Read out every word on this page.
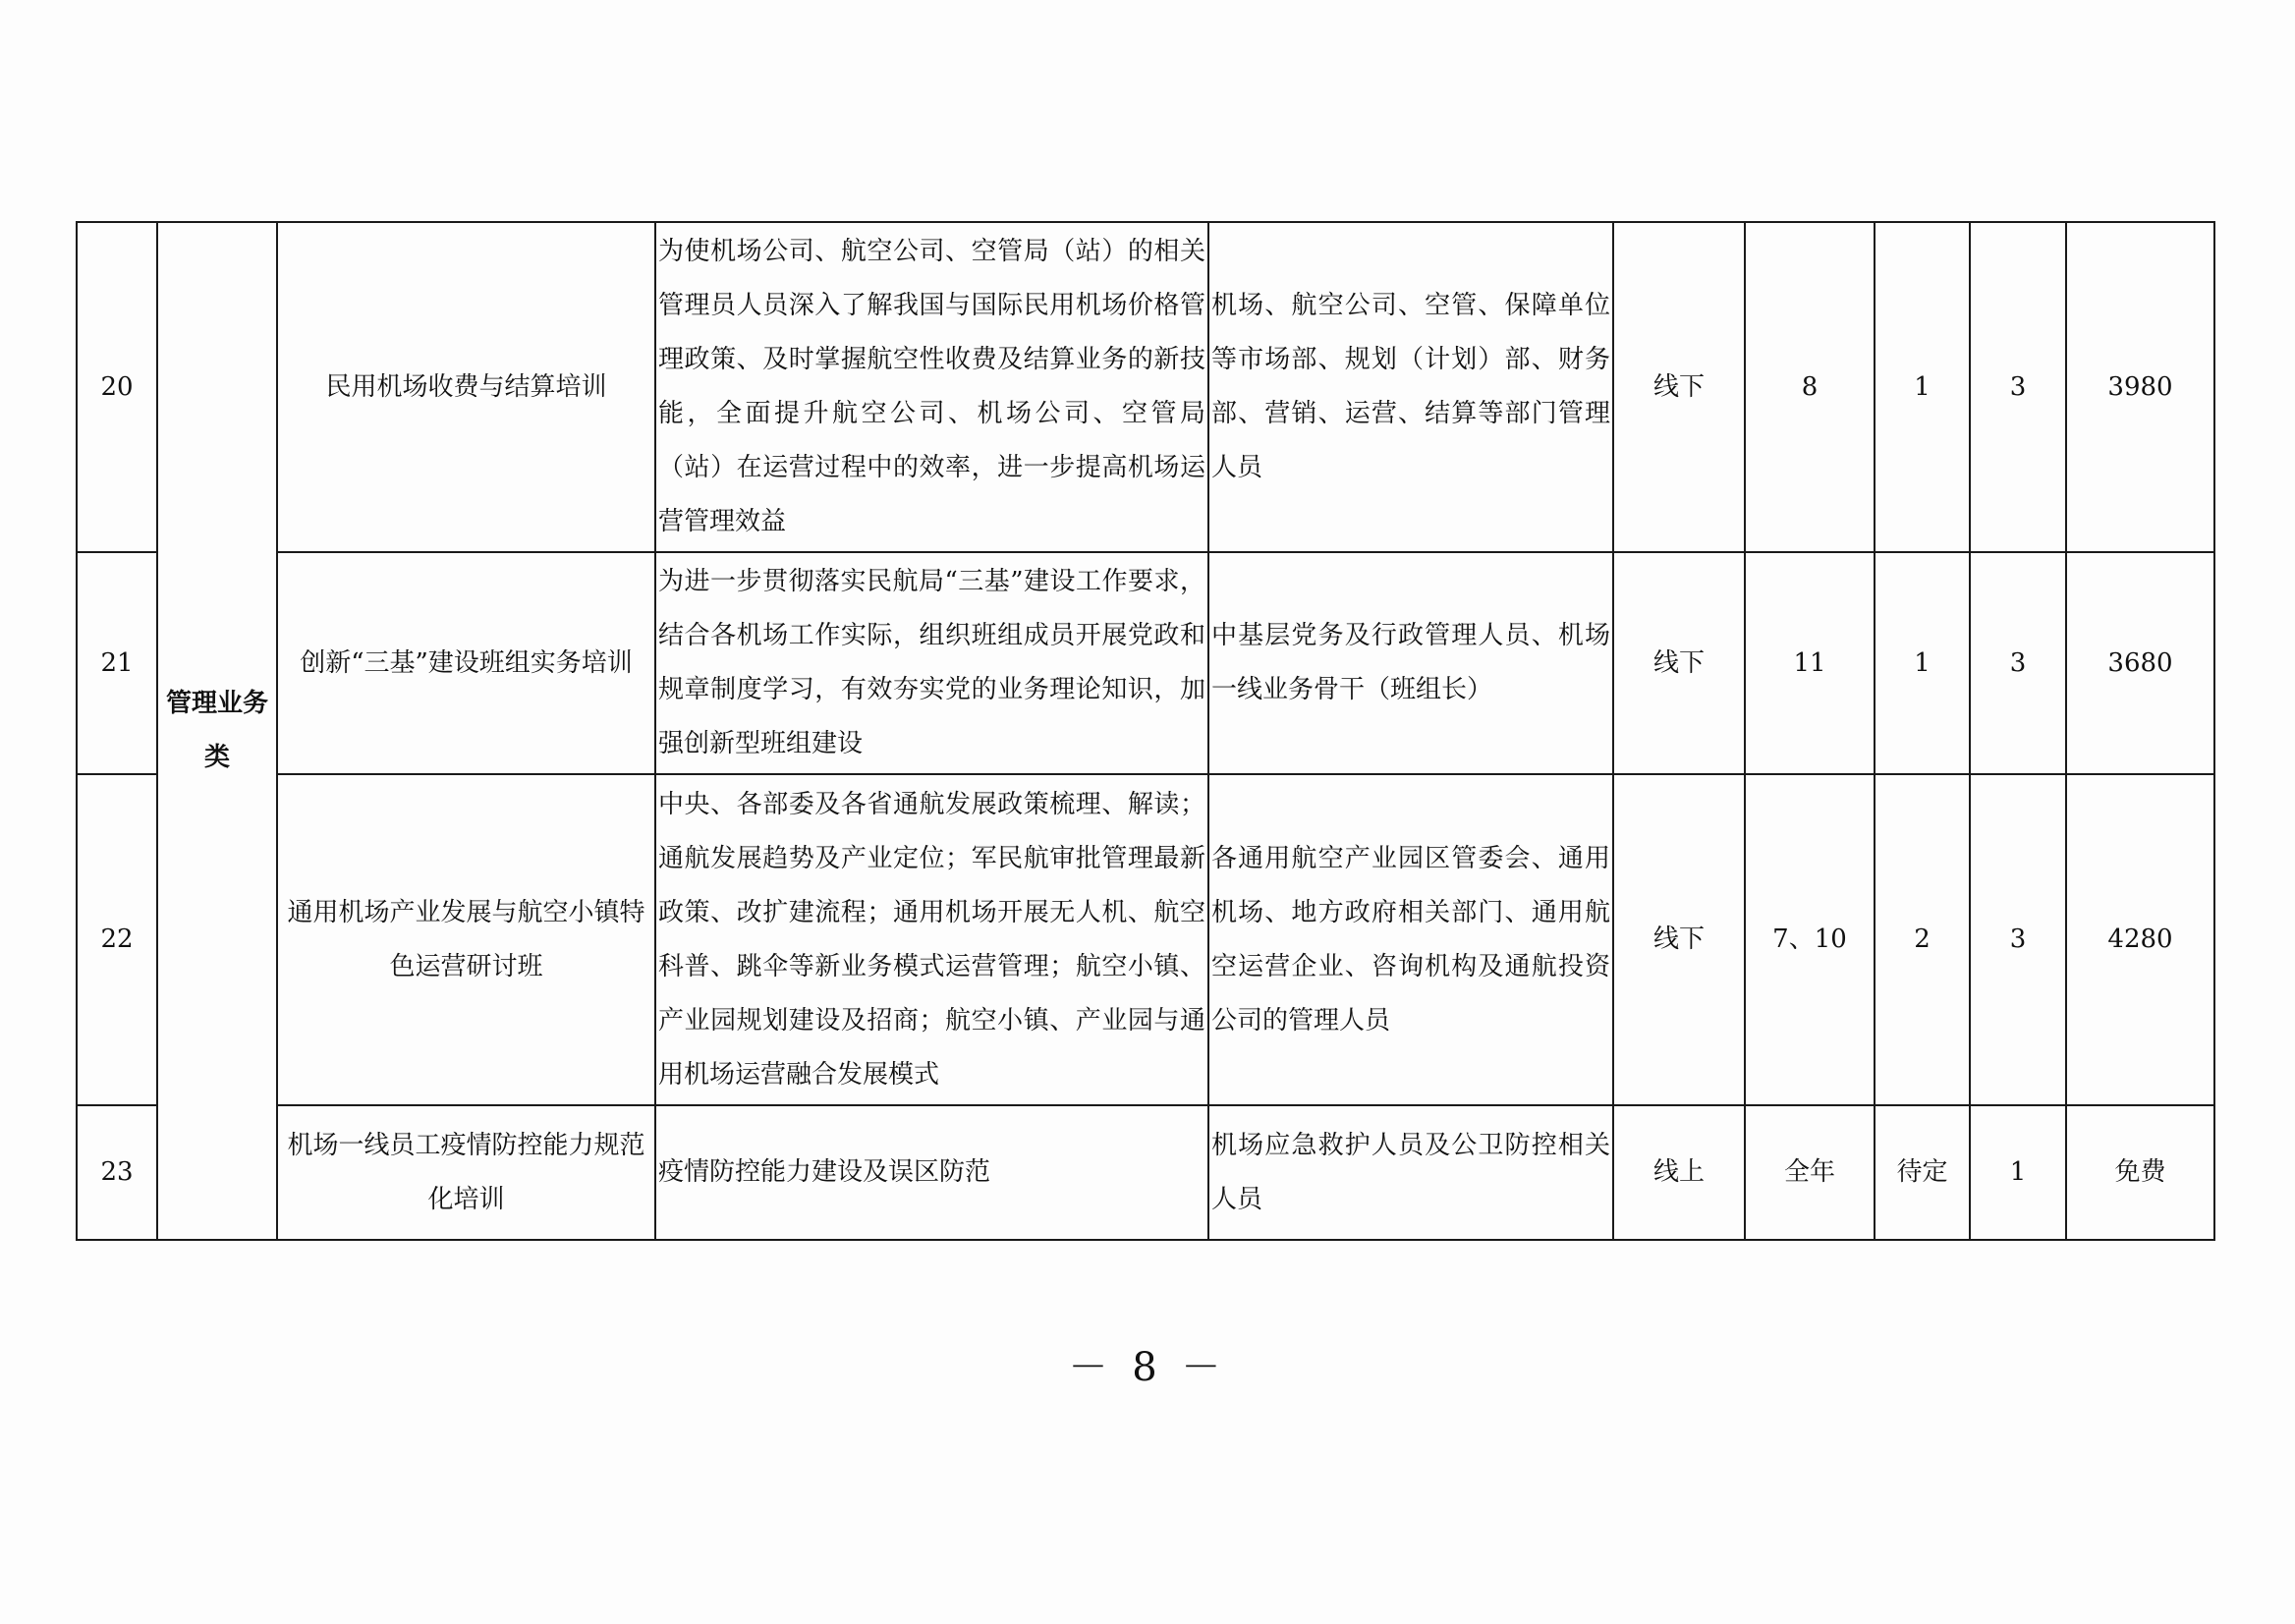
20	管理业务类	民用机场收费与结算培训	为使机场公司、航空公司、空管局（站）的相关管理员人员深入了解我国与国际民用机场价格管理政策、及时掌握航空性收费及结算业务的新技能，全面提升航空公司、机场公司、空管局（站）在运营过程中的效率，进一步提高机场运营管理效益	机场、航空公司、空管、保障单位等市场部、规划（计划）部、财务部、营销、运营、结算等部门管理人员	线下	8	1	3	3980
21		创新“三基”建设班组实务培训	为进一步贯彻落实民航局“三基”建设工作要求，结合各机场工作实际，组织班组成员开展党政和规章制度学习，有效夯实党的业务理论知识，加强创新型班组建设	中基层党务及行政管理人员、机场一线业务骨干（班组长）	线下	11	1	3	3680
22		通用机场产业发展与航空小镇特色运营研讨班	中央、各部委及各省通航发展政策梳理、解读；通航发展趋势及产业定位；军民航审批管理最新政策、改扩建流程；通用机场开展无人机、航空科普、跳伞等新业务模式运营管理；航空小镇、产业园规划建设及招商；航空小镇、产业园与通用机场运营融合发展模式	各通用航空产业园区管委会、通用机场、地方政府相关部门、通用航空运营企业、咨询机构及通航投资公司的管理人员	线下	7、10	2	3	4280
23		机场一线员工疫情防控能力规范化培训	疫情防控能力建设及误区防范	机场应急救护人员及公卫防控相关人员	线上	全年	待定	1	免费
－ 8 －
